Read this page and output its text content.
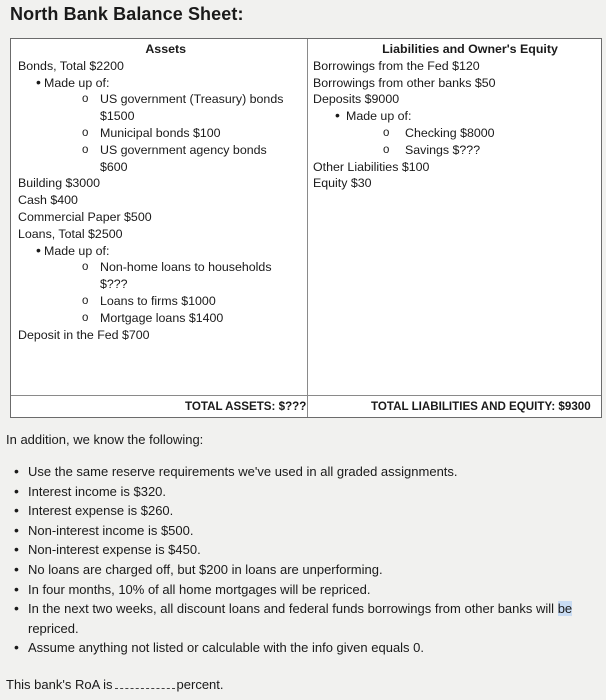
North Bank Balance Sheet:
Assets
Bonds, Total $2200
• Made up of:
o US government (Treasury) bonds
$1500
o Municipal bonds $100
o US government agency bonds
$600
Building $3000
Cash $400
Commercial Paper $500
Loans, Total $2500
• Made up of:
o Non-home loans to households
$???
o Loans to firms $1000
o Mortgage loans $1400
Deposit in the Fed $700
Liabilities and Owner's Equity
Borrowings from the Fed $120
Borrowings from other banks $50
Deposits $9000
• Made up of:
o Checking $8000
o Savings $???
Other Liabilities $100
Equity $30
TOTAL ASSETS: $???	TOTAL LIABILITIES AND EQUITY: $9300
In addition, we know the following:
• Use the same reserve requirements we've used in all graded assignments.
• Interest income is $320.
• Interest expense is $260.
• Non-interest income is $500.
• Non-interest expense is $450.
• No loans are charged off, but $200 in loans are unperforming.
• In four months, 10% of all home mortgages will be repriced.
• In the next two weeks, all discount loans and federal funds borrowings from other banks will be repriced.
• Assume anything not listed or calculable with the info given equals 0.
This bank's RoA is	percent.
